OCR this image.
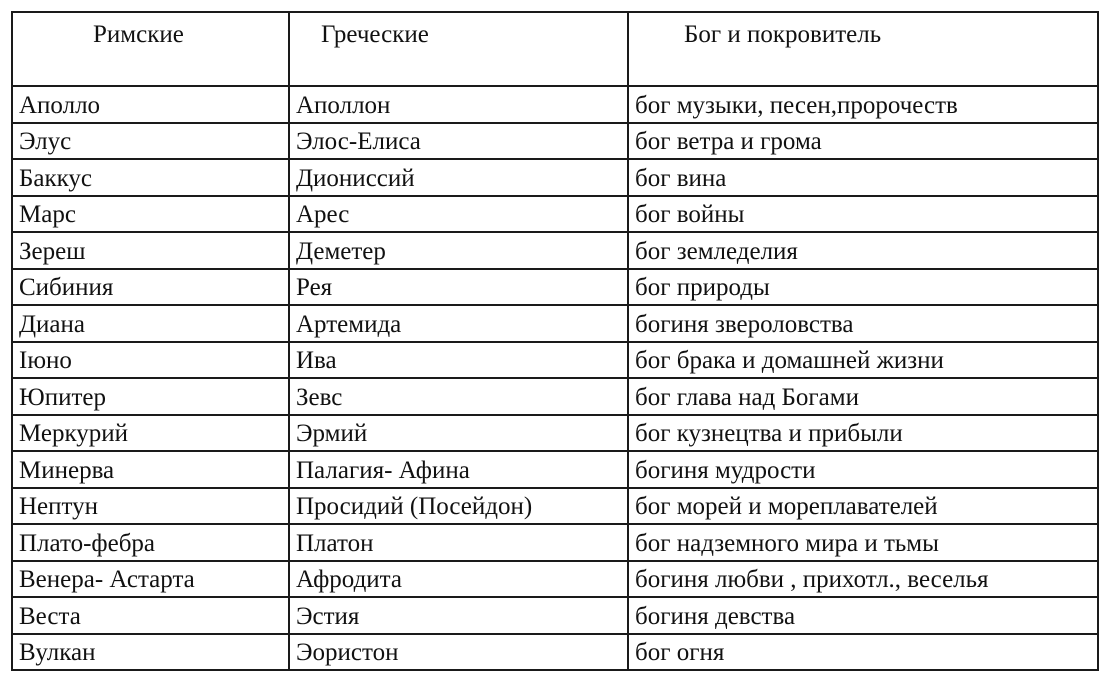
Римские	Греческие	Бог и покровитель
Аполло	Аполлон	бог музыки, песен,пророчеств
Элус	Элос-Елиса	бог ветра и грома
Баккус	Диониссий	бог вина
Марс	Арес	бог войны
Зереш	Деметер	бог земледелия
Сибиния	Рея	бог природы
Диана	Артемида	богиня звероловства
Іюно	Ива	бог брака и домашней жизни
Юпитер	Зевс	бог глава над Богами
Меркурий	Эрмий	бог кузнецтва и прибыли
Минерва	Палагия- Афина	богиня мудрости
Нептун	Просидий (Посейдон)	бог морей и мореплавателей
Плато-фебра	Платон	бог надземного мира и тьмы
Венера- Астарта	Афродита	богиня любви , прихотл., веселья
Веста	Эстия	богиня девства
Вулкан	Эористон	бог огня
